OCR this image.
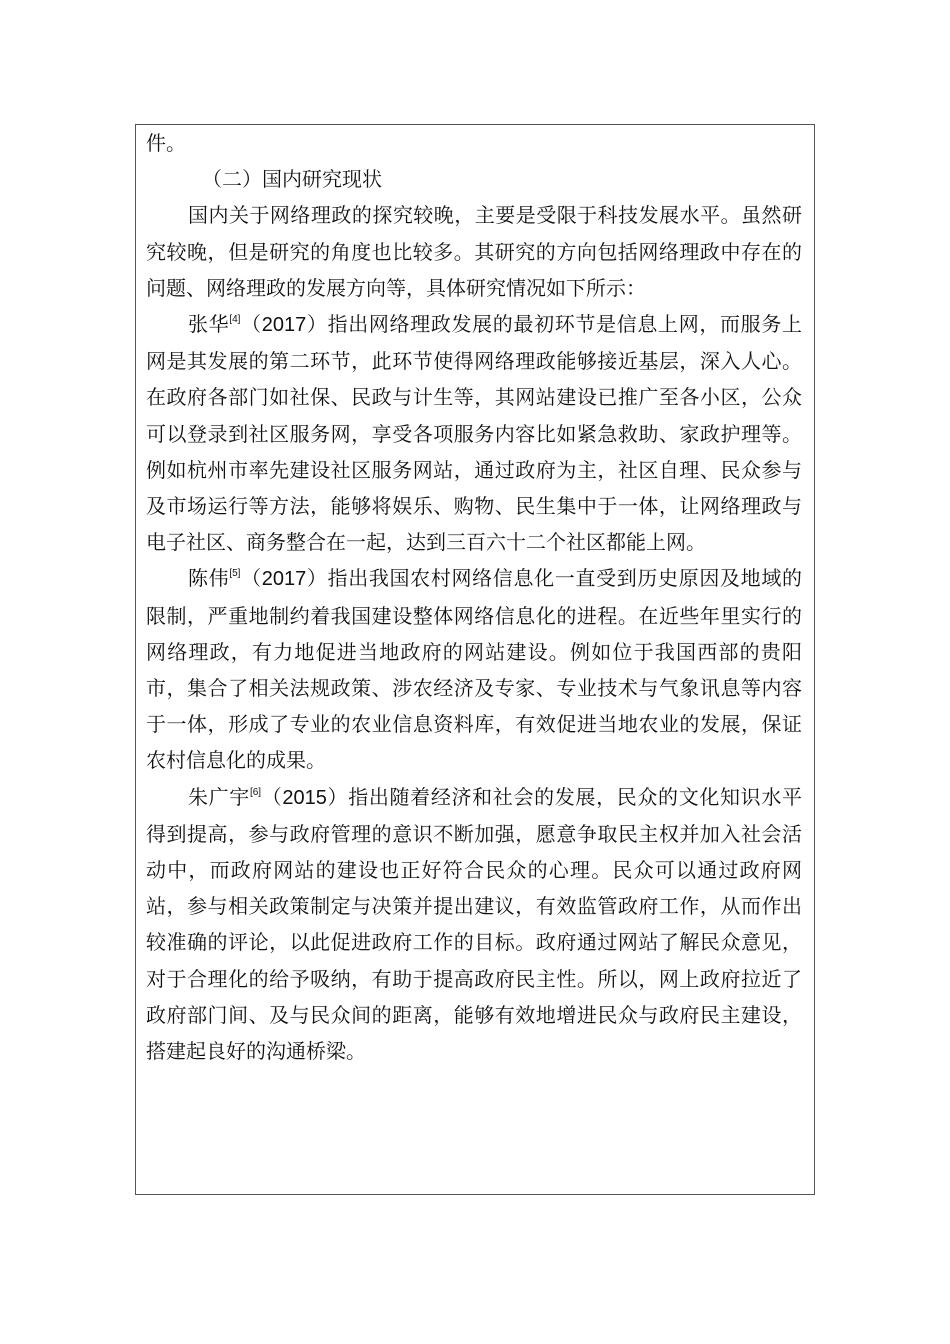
件。

（二）国内研究现状

国内关于网络理政的探究较晚，主要是受限于科技发展水平。虽然研究较晚，但是研究的角度也比较多。其研究的方向包括网络理政中存在的问题、网络理政的发展方向等，具体研究情况如下所示：

张华[4]（2017）指出网络理政发展的最初环节是信息上网，而服务上网是其发展的第二环节，此环节使得网络理政能够接近基层，深入人心。在政府各部门如社保、民政与计生等，其网站建设已推广至各小区，公众可以登录到社区服务网，享受各项服务内容比如紧急救助、家政护理等。例如杭州市率先建设社区服务网站，通过政府为主，社区自理、民众参与及市场运行等方法，能够将娱乐、购物、民生集中于一体，让网络理政与电子社区、商务整合在一起，达到三百六十二个社区都能上网。

陈伟[5]（2017）指出我国农村网络信息化一直受到历史原因及地域的限制，严重地制约着我国建设整体网络信息化的进程。在近些年里实行的网络理政，有力地促进当地政府的网站建设。例如位于我国西部的贵阳市，集合了相关法规政策、涉农经济及专家、专业技术与气象讯息等内容于一体，形成了专业的农业信息资料库，有效促进当地农业的发展，保证农村信息化的成果。

朱广宇[6]（2015）指出随着经济和社会的发展，民众的文化知识水平得到提高，参与政府管理的意识不断加强，愿意争取民主权并加入社会活动中，而政府网站的建设也正好符合民众的心理。民众可以通过政府网站，参与相关政策制定与决策并提出建议，有效监管政府工作，从而作出较准确的评论，以此促进政府工作的目标。政府通过网站了解民众意见，对于合理化的给予吸纳，有助于提高政府民主性。所以，网上政府拉近了政府部门间、及与民众间的距离，能够有效地增进民众与政府民主建设，搭建起良好的沟通桥梁。
